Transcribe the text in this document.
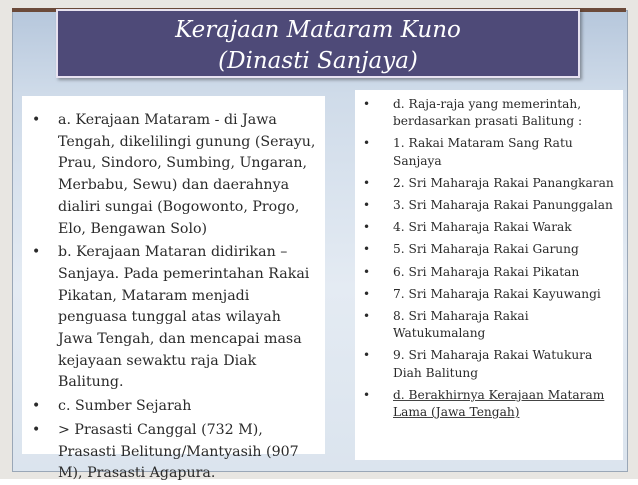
Kerajaan Mataram Kuno
(Dinasti Sanjaya)
• a. Kerajaan Mataram - di Jawa Tengah, dikelilingi gunung (Serayu, Prau, Sindoro, Sumbing, Ungaran, Merbabu, Sewu) dan daerahnya dialiri sungai (Bogowonto, Progo, Elo, Bengawan Solo)
• b. Kerajaan Mataran didirikan – Sanjaya. Pada pemerintahan Rakai Pikatan, Mataram menjadi penguasa tunggal atas wilayah Jawa Tengah, dan mencapai masa kejayaan sewaktu raja Diak Balitung.
• c. Sumber Sejarah
• > Prasasti Canggal (732 M), Prasasti Belitung/Mantyasih (907 M), Prasasti Agapura.
• d. Raja-raja yang memerintah, berdasarkan prasati Balitung :
• 1. Rakai Mataram Sang Ratu Sanjaya
• 2. Sri Maharaja Rakai Panangkaran
• 3. Sri Maharaja Rakai Panunggalan
• 4. Sri Maharaja Rakai Warak
• 5. Sri Maharaja Rakai Garung
• 6. Sri Maharaja Rakai Pikatan
• 7. Sri Maharaja Rakai Kayuwangi
• 8. Sri Maharaja Rakai Watukumalang
• 9. Sri Maharaja Rakai Watukura Diah Balitung
• d. Berakhirnya Kerajaan Mataram Lama (Jawa Tengah)
